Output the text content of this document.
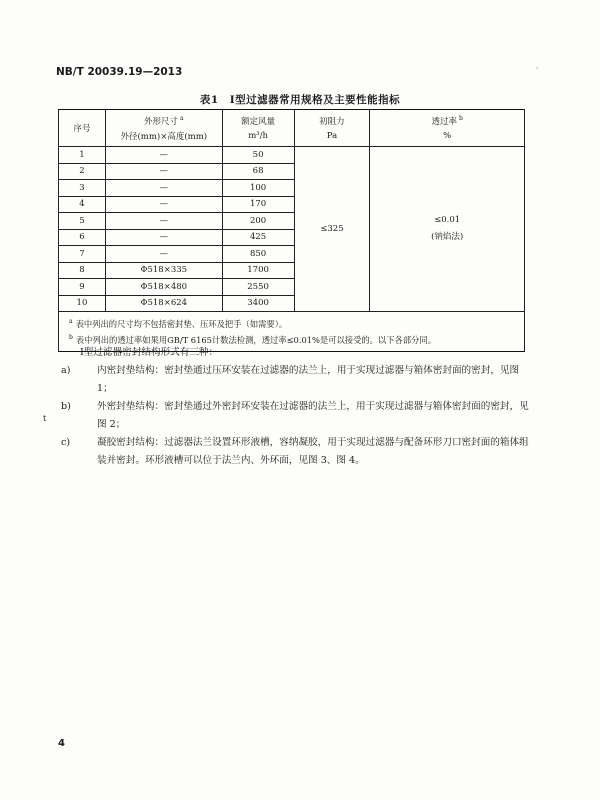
NB/T 20039.19—2013	'
表1　Ⅰ型过滤器常用规格及主要性能指标
序号	外形尺寸 $^a$	额定风量	初阻力	透过率 $^b$
	外径(mm)×高度(mm)	m³/h	Pa	%
1	—	50	≤325	≤0.01
(钠焰法)

2	—	68		
3	—	100		
4	—	170		
5	—	200		
6	—	425		
7	—	850		
8	Φ518×335	1700		
9	Φ518×480	2550		
10	Φ518×624	3400		

$^a$ 表中列出的尺寸均不包括密封垫、压环及把手（如需要）。
$^b$ 表中列出的透过率如果用GB/T 6165计数法检测，透过率≤0.01%是可以接受的。以下各部分同。				
Ⅰ型过滤器密封结构形式有三种：
a)	内密封垫结构：密封垫通过压环安装在过滤器的法兰上，用于实现过滤器与箱体密封面的密封，见图 1；
b)	外密封垫结构：密封垫通过外密封环安装在过滤器的法兰上，用于实现过滤器与箱体密封面的密封，见图 2；
c)	凝胶密封结构：过滤器法兰设置环形液槽，容纳凝胶，用于实现过滤器与配备环形刀口密封面的箱体组装并密封。环形液槽可以位于法兰内、外环面，见图 3、图 4。
t
4
